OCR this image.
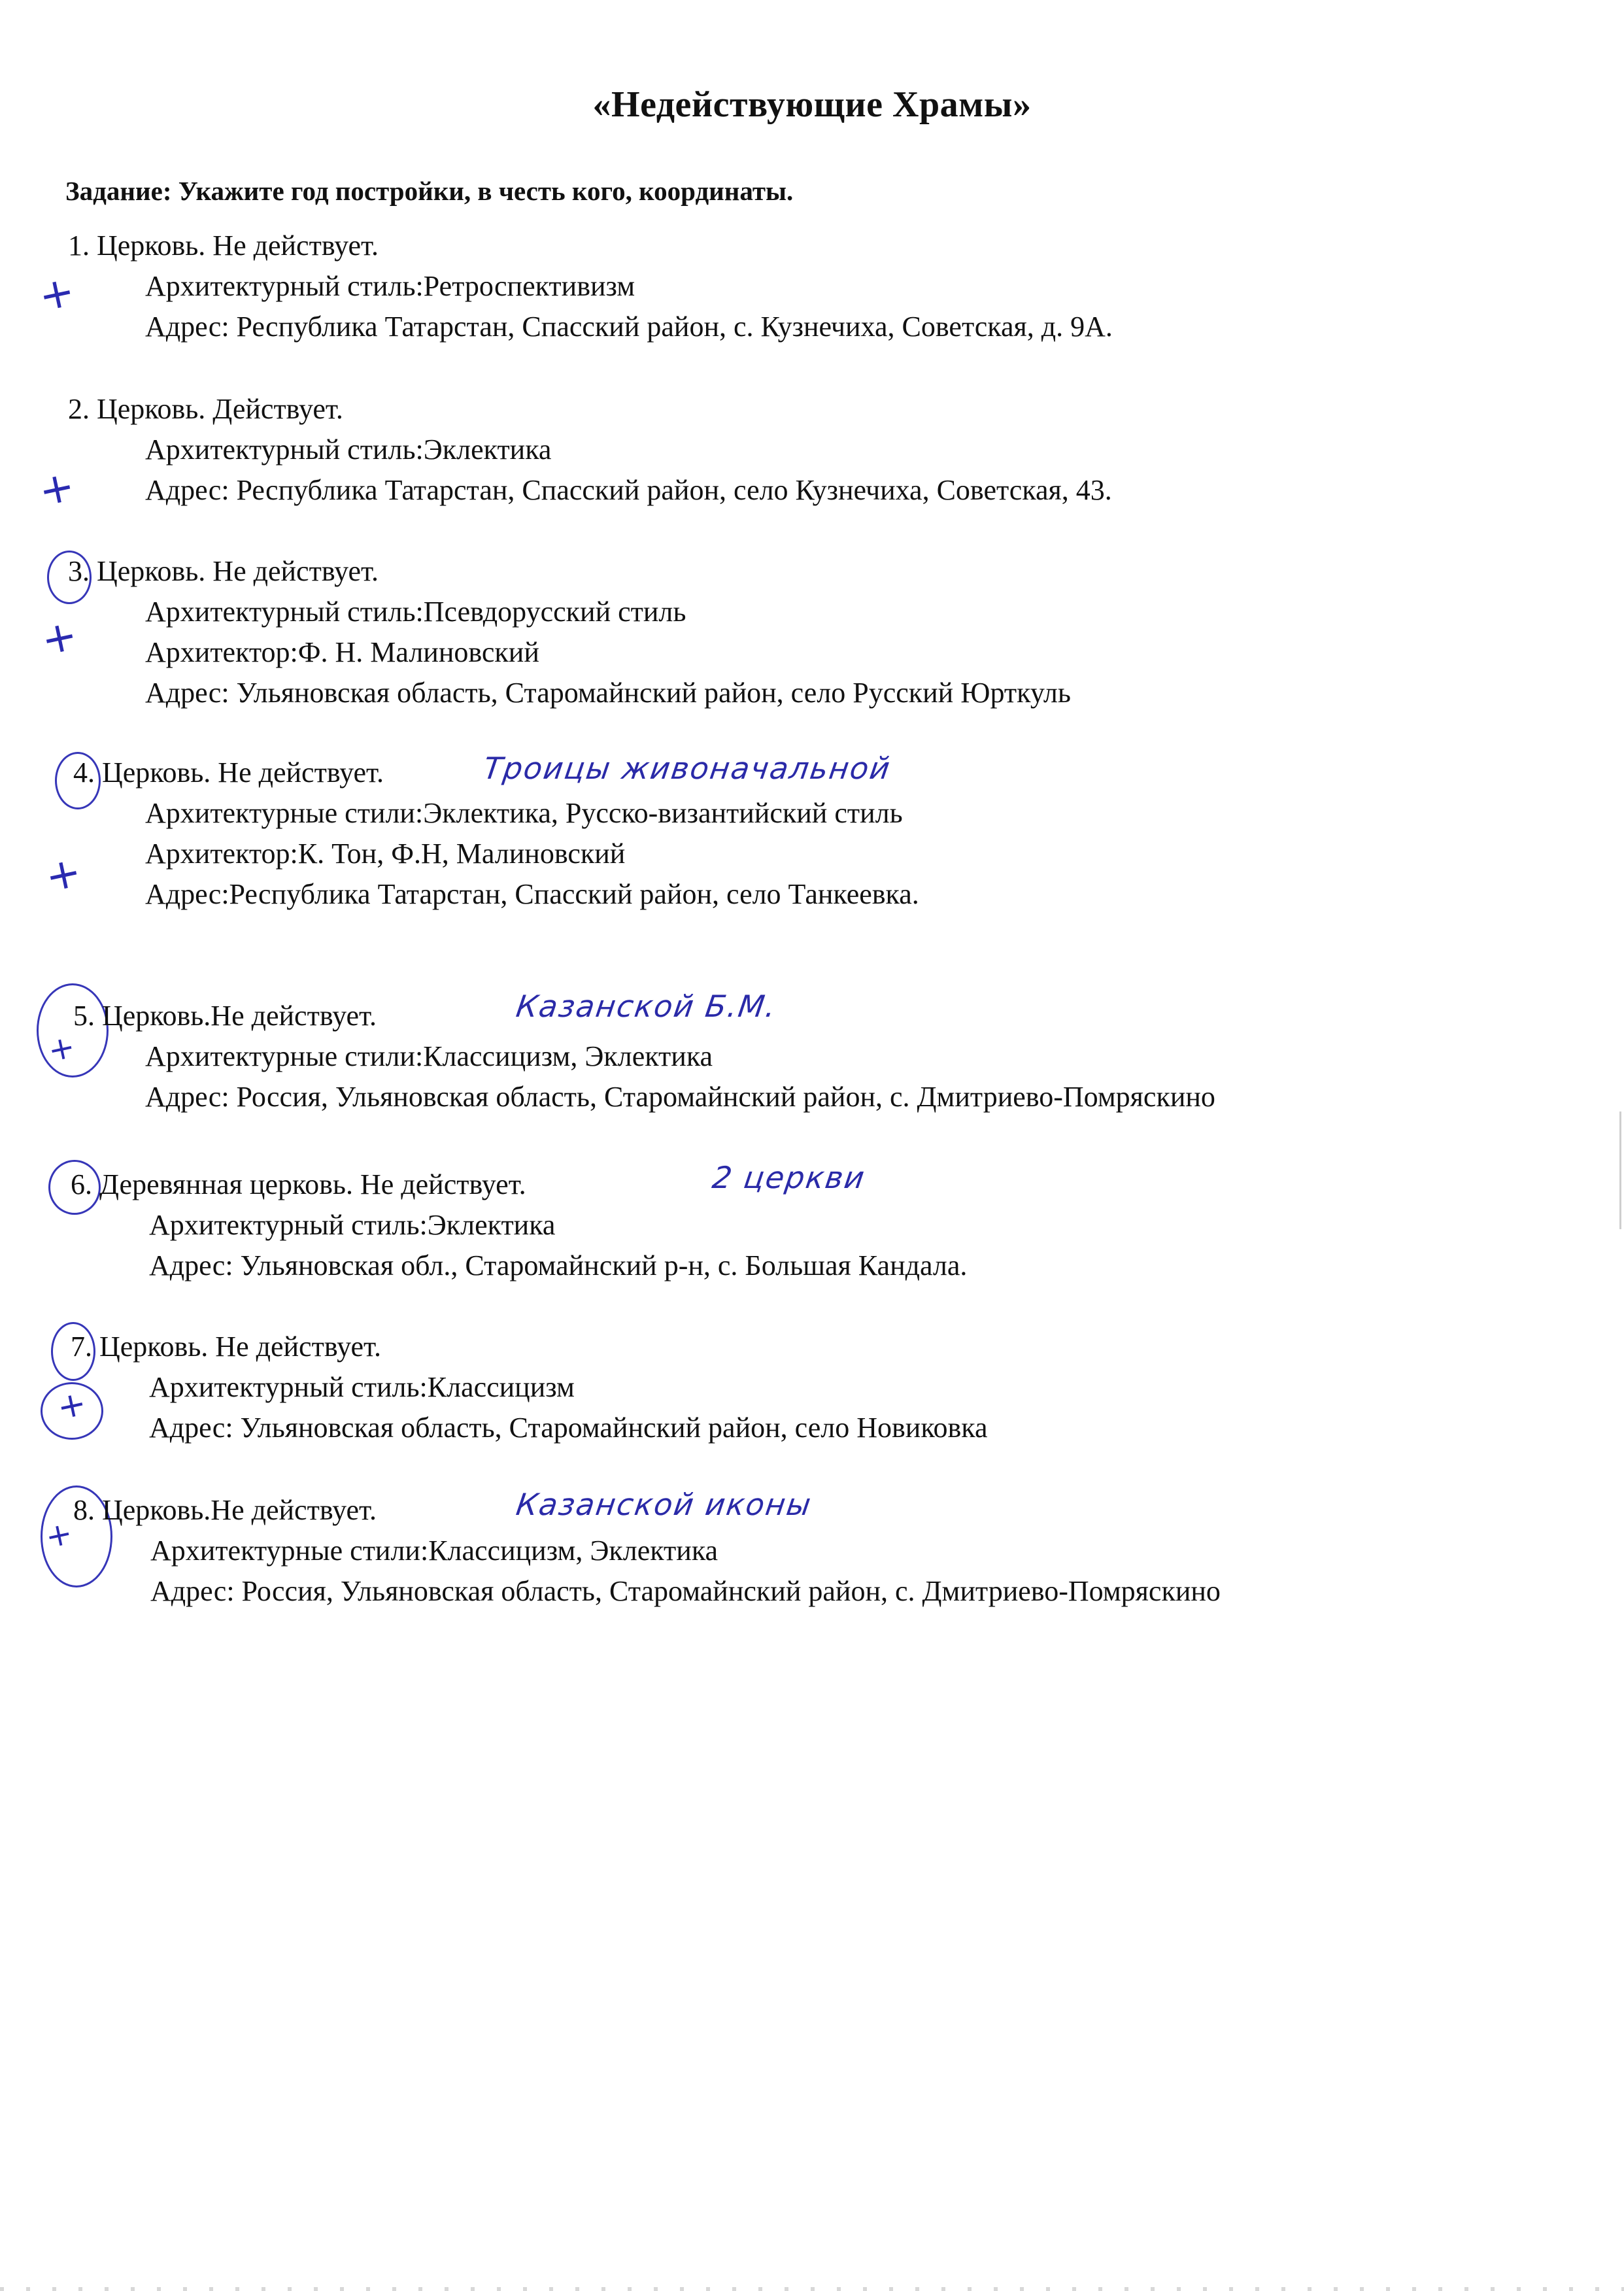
«Недействующие Храмы»
Задание: Укажите год постройки, в честь кого, координаты.
1. Церковь. Не действует.
Архитектурный стиль:Ретроспективизм
Адрес: Республика Татарстан, Спасский район, с. Кузнечиха, Советская, д. 9А.
+
2. Церковь. Действует.
Архитектурный стиль:Эклектика
Адрес: Республика Татарстан, Спасский район, село Кузнечиха, Советская, 43.
+
3. Церковь. Не действует.
Архитектурный стиль:Псевдорусский стиль
Архитектор:Ф. Н. Малиновский
Адрес: Ульяновская область, Старомайнский район, село Русский Юрткуль
+
4. Церковь. Не действует.	Троицы живоначальной
Архитектурные стили:Эклектика, Русско-византийский стиль
Архитектор:К. Тон, Ф.Н, Малиновский
Адрес:Республика Татарстан, Спасский район, село Танкеевка.
+
5. Церковь.Не действует.	Казанской Б.М.
Архитектурные стили:Классицизм, Эклектика
Адрес: Россия, Ульяновская область, Старомайнский район, с. Дмитриево-Помряскино
+
6. Деревянная церковь. Не действует.	2 церкви
Архитектурный стиль:Эклектика
Адрес: Ульяновская обл., Старомайнский р-н, с. Большая Кандала.
7. Церковь. Не действует.
Архитектурный стиль:Классицизм
Адрес: Ульяновская область, Старомайнский район, село Новиковка
+
8. Церковь.Не действует.	Казанской иконы
Архитектурные стили:Классицизм, Эклектика
Адрес: Россия, Ульяновская область, Старомайнский район, с. Дмитриево-Помряскино
+
